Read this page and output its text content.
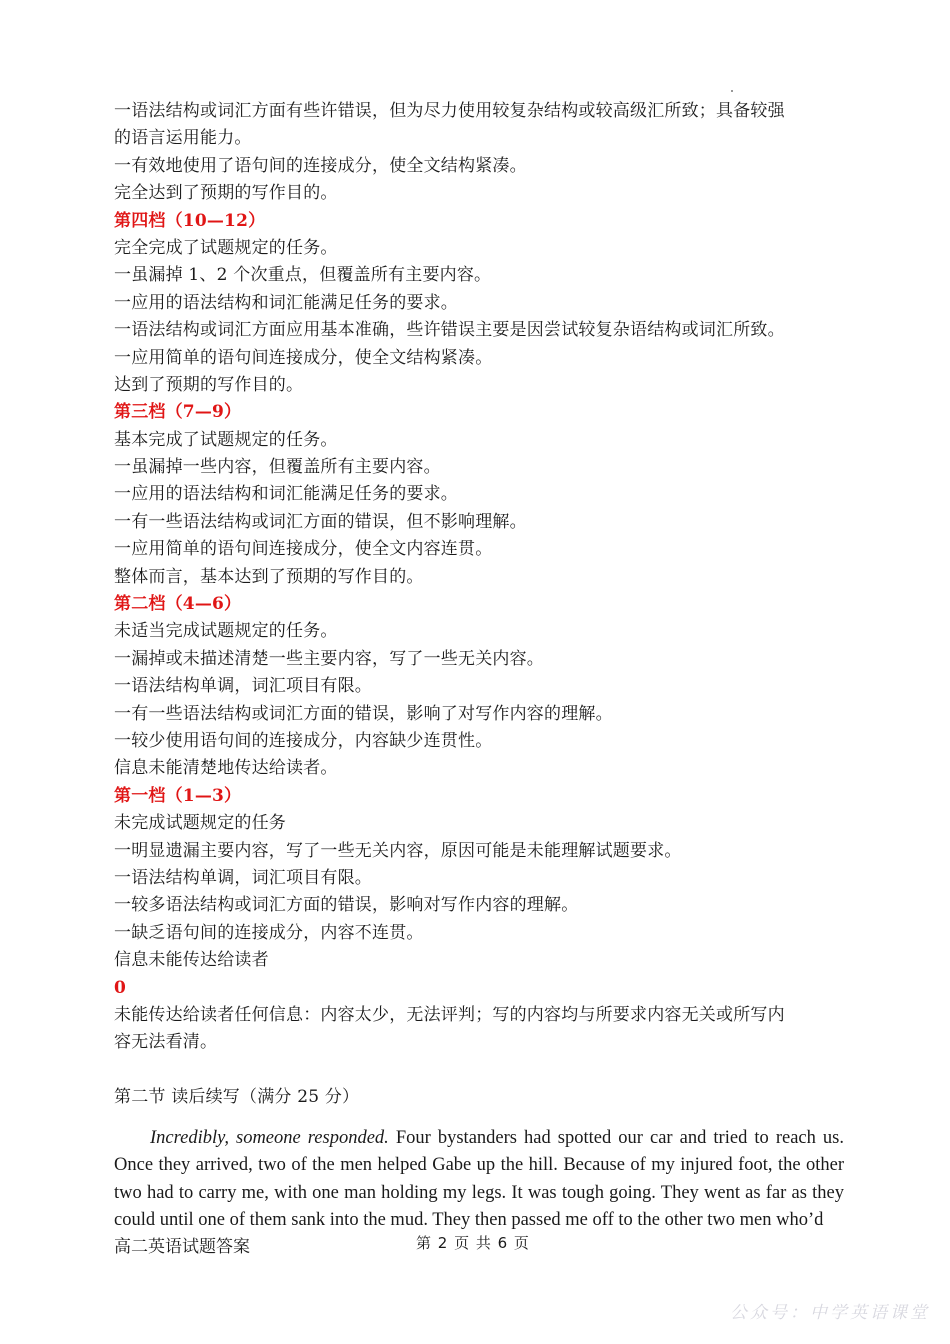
一语法结构或词汇方面有些许错误，但为尽力使用较复杂结构或较高级汇所致；具备较强
的语言运用能力。
一有效地使用了语句间的连接成分，使全文结构紧凑。
完全达到了预期的写作目的。
第四档（10—12）
完全完成了试题规定的任务。
一虽漏掉 1、2 个次重点，但覆盖所有主要内容。
一应用的语法结构和词汇能满足任务的要求。
一语法结构或词汇方面应用基本准确，些许错误主要是因尝试较复杂语结构或词汇所致。
一应用简单的语句间连接成分，使全文结构紧凑。
达到了预期的写作目的。
第三档（7—9）
基本完成了试题规定的任务。
一虽漏掉一些内容，但覆盖所有主要内容。
一应用的语法结构和词汇能满足任务的要求。
一有一些语法结构或词汇方面的错误，但不影响理解。
一应用简单的语句间连接成分，使全文内容连贯。
整体而言，基本达到了预期的写作目的。
第二档（4—6）
未适当完成试题规定的任务。
一漏掉或未描述清楚一些主要内容，写了一些无关内容。
一语法结构单调，词汇项目有限。
一有一些语法结构或词汇方面的错误，影响了对写作内容的理解。
一较少使用语句间的连接成分，内容缺少连贯性。
信息未能清楚地传达给读者。
第一档（1—3）
未完成试题规定的任务
一明显遗漏主要内容，写了一些无关内容，原因可能是未能理解试题要求。
一语法结构单调，词汇项目有限。
一较多语法结构或词汇方面的错误，影响对写作内容的理解。
一缺乏语句间的连接成分，内容不连贯。
信息未能传达给读者
0
未能传达给读者任何信息：内容太少，无法评判；写的内容均与所要求内容无关或所写内
容无法看清。
第二节 读后续写（满分 25 分）

Incredibly, someone responded. Four bystanders had spotted our car and tried to reach us. Once they arrived, two of the men helped Gabe up the hill. Because of my injured foot, the other two had to carry me, with one man holding my legs. It was tough going. They went as far as they could until one of them sank into the mud. They then passed me off to the other two men who’d

高二英语试题答案	第 2 页 共 6 页
公众号：中学英语课堂
